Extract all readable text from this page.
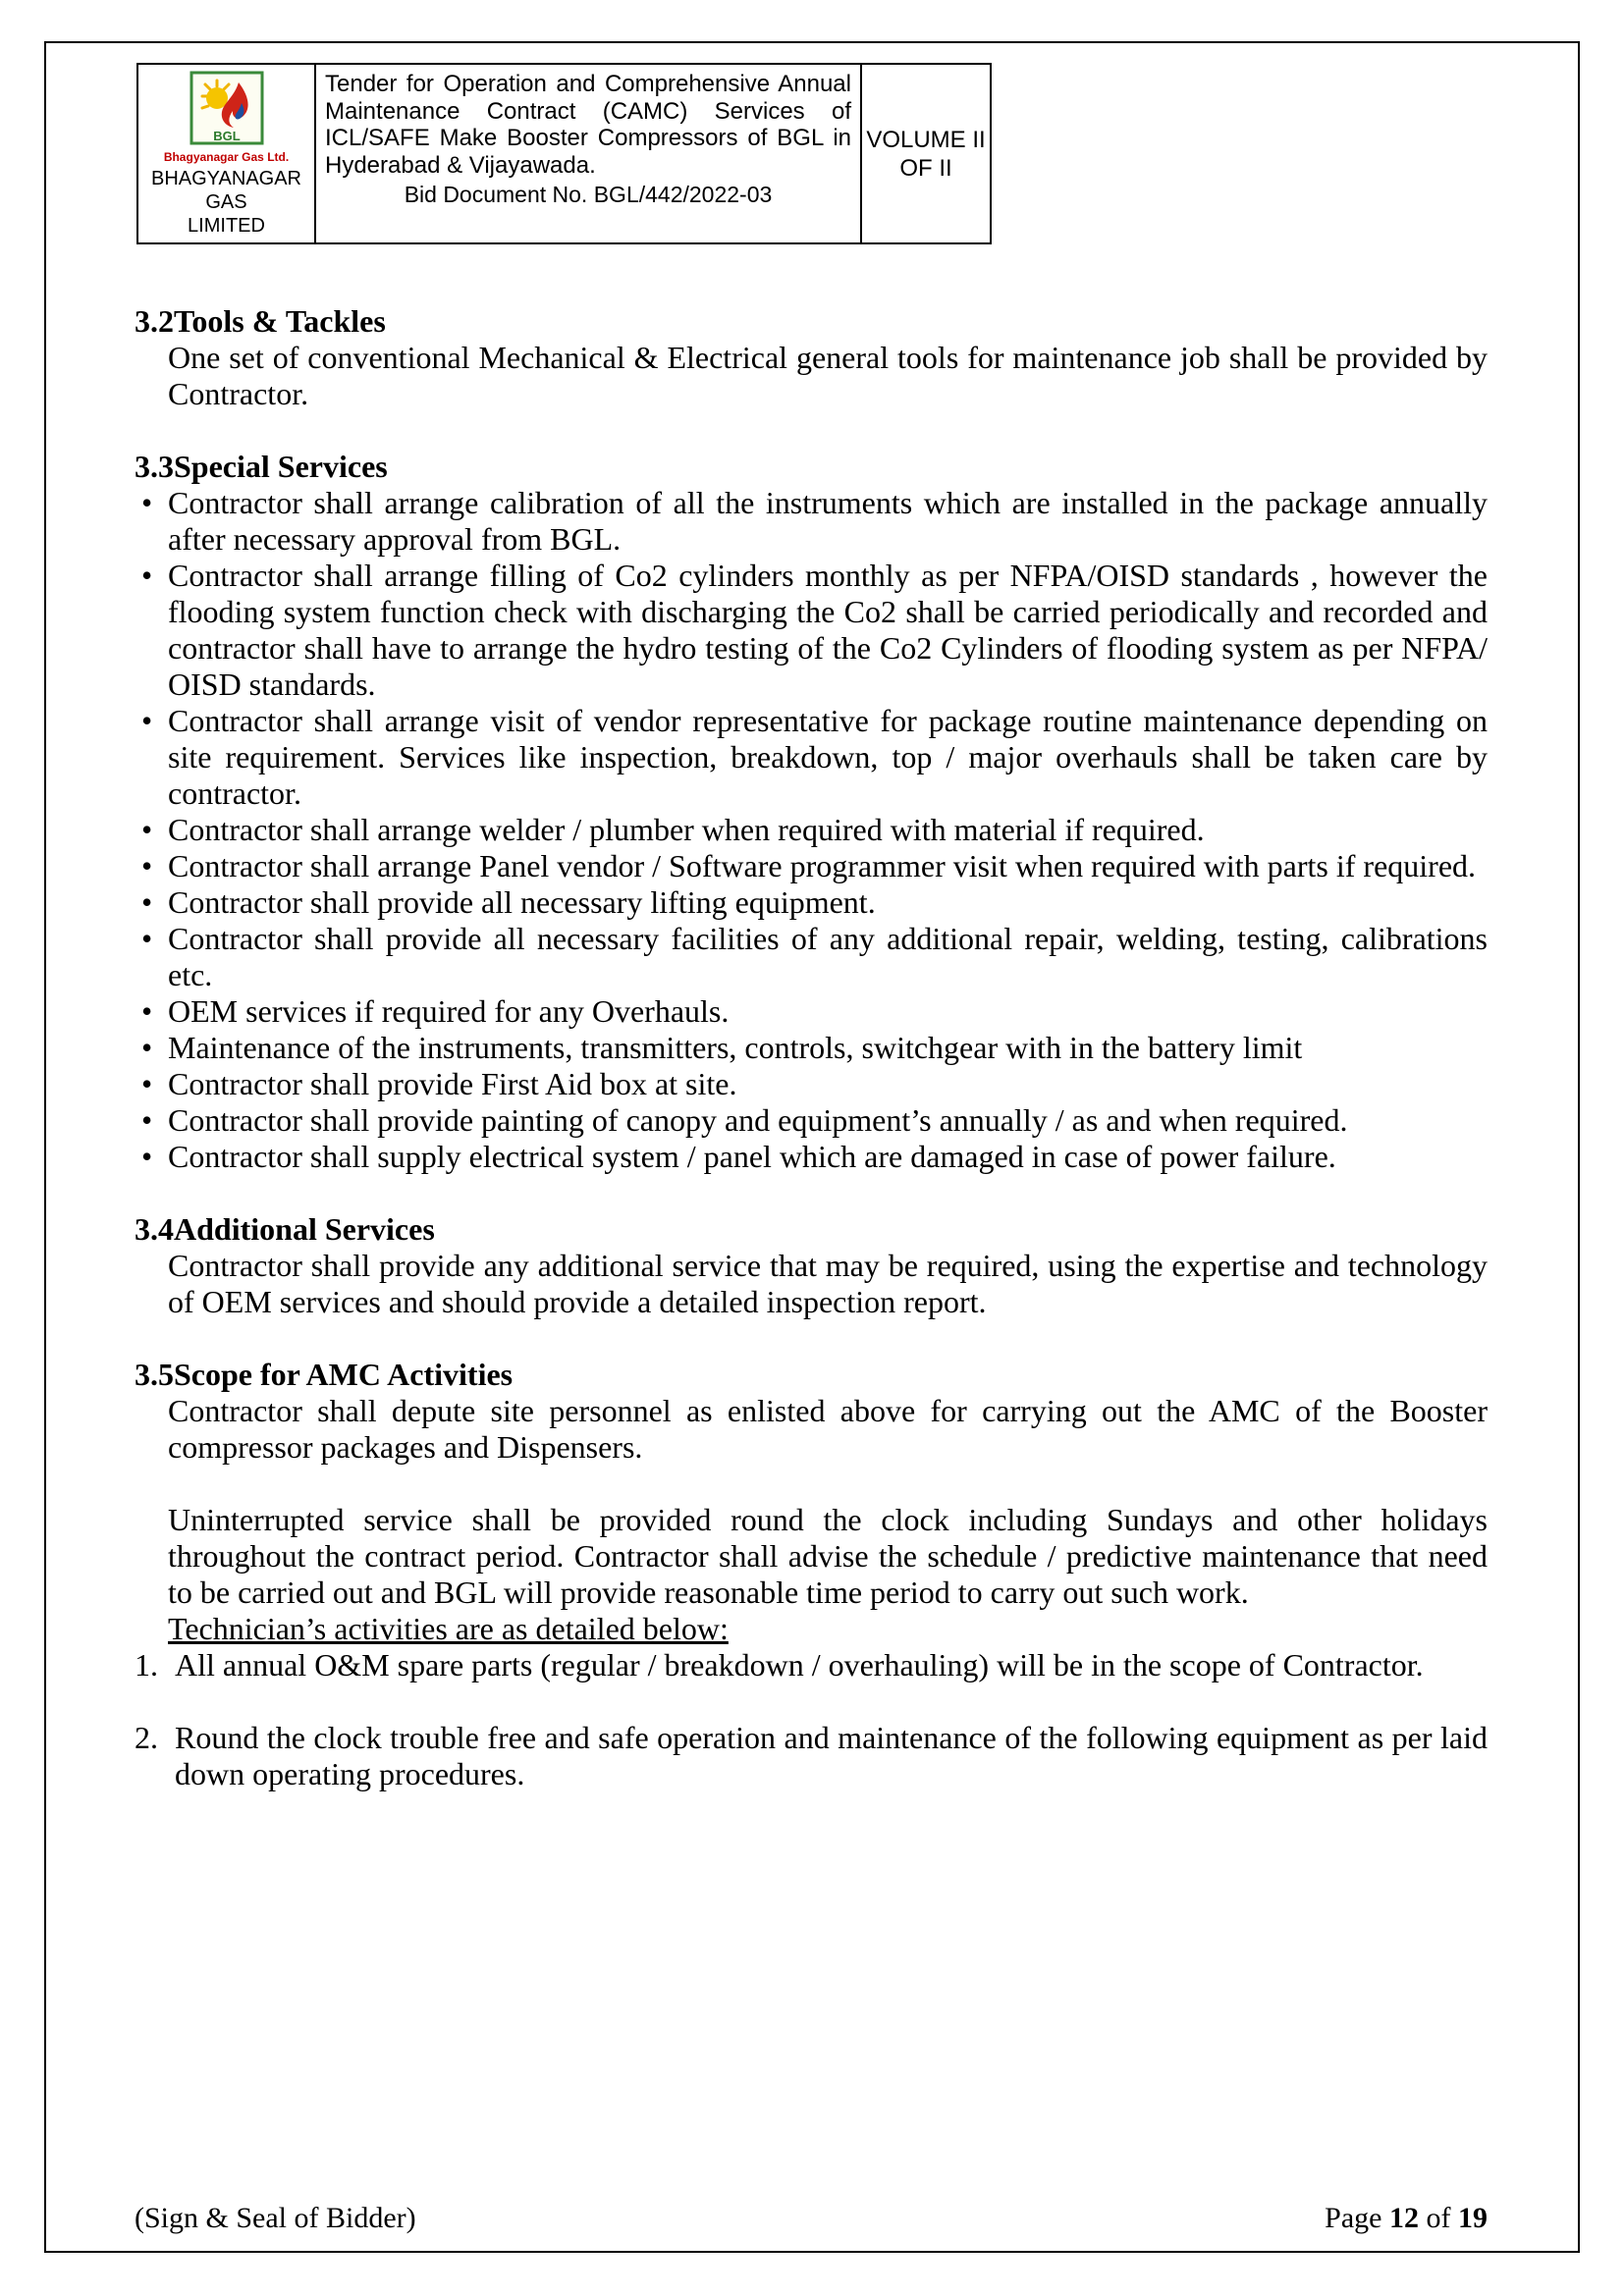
BGL
Bhagyanagar Gas Ltd.
BHAGYANAGAR GAS
LIMITED

Tender for Operation and Comprehensive Annual Maintenance Contract (CAMC) Services of ICL/SAFE Make Booster Compressors of BGL in Hyderabad & Vijayawada.
Bid Document No. BGL/442/2022-03

VOLUME II
OF II
3.2 Tools & Tackles

One set of conventional Mechanical & Electrical general tools for maintenance job shall be provided by Contractor.

3.3 Special Services
• Contractor shall arrange calibration of all the instruments which are installed in the package annually after necessary approval from BGL.
• Contractor shall arrange filling of Co2 cylinders monthly as per NFPA/OISD standards , however the flooding system function check with discharging the Co2 shall be carried periodically and recorded and contractor shall have to arrange the hydro testing of the Co2 Cylinders of flooding system as per NFPA/ OISD standards.
• Contractor shall arrange visit of vendor representative for package routine maintenance depending on site requirement. Services like inspection, breakdown, top / major overhauls shall be taken care by contractor.
• Contractor shall arrange welder / plumber when required with material if required.
• Contractor shall arrange Panel vendor / Software programmer visit when required with parts if required.
• Contractor shall provide all necessary lifting equipment.
• Contractor shall provide all necessary facilities of any additional repair, welding, testing, calibrations etc.
• OEM services if required for any Overhauls.
• Maintenance of the instruments, transmitters, controls, switchgear with in the battery limit
• Contractor shall provide First Aid box at site.
• Contractor shall provide painting of canopy and equipment’s annually / as and when required.
• Contractor shall supply electrical system / panel which are damaged in case of power failure.
3.4 Additional Services

Contractor shall provide any additional service that may be required, using the expertise and technology of OEM services and should provide a detailed inspection report.

3.5 Scope for AMC Activities

Contractor shall depute site personnel as enlisted above for carrying out the AMC of the Booster compressor packages and Dispensers.

Uninterrupted service shall be provided round the clock including Sundays and other holidays throughout the contract period. Contractor shall advise the schedule / predictive maintenance that need to be carried out and BGL will provide reasonable time period to carry out such work.

Technician’s activities are as detailed below:

1. All annual O&M spare parts (regular / breakdown / overhauling) will be in the scope of Contractor.
2. Round the clock trouble free and safe operation and maintenance of the following equipment as per laid down operating procedures.
(Sign & Seal of Bidder)	Page 12 of 19
